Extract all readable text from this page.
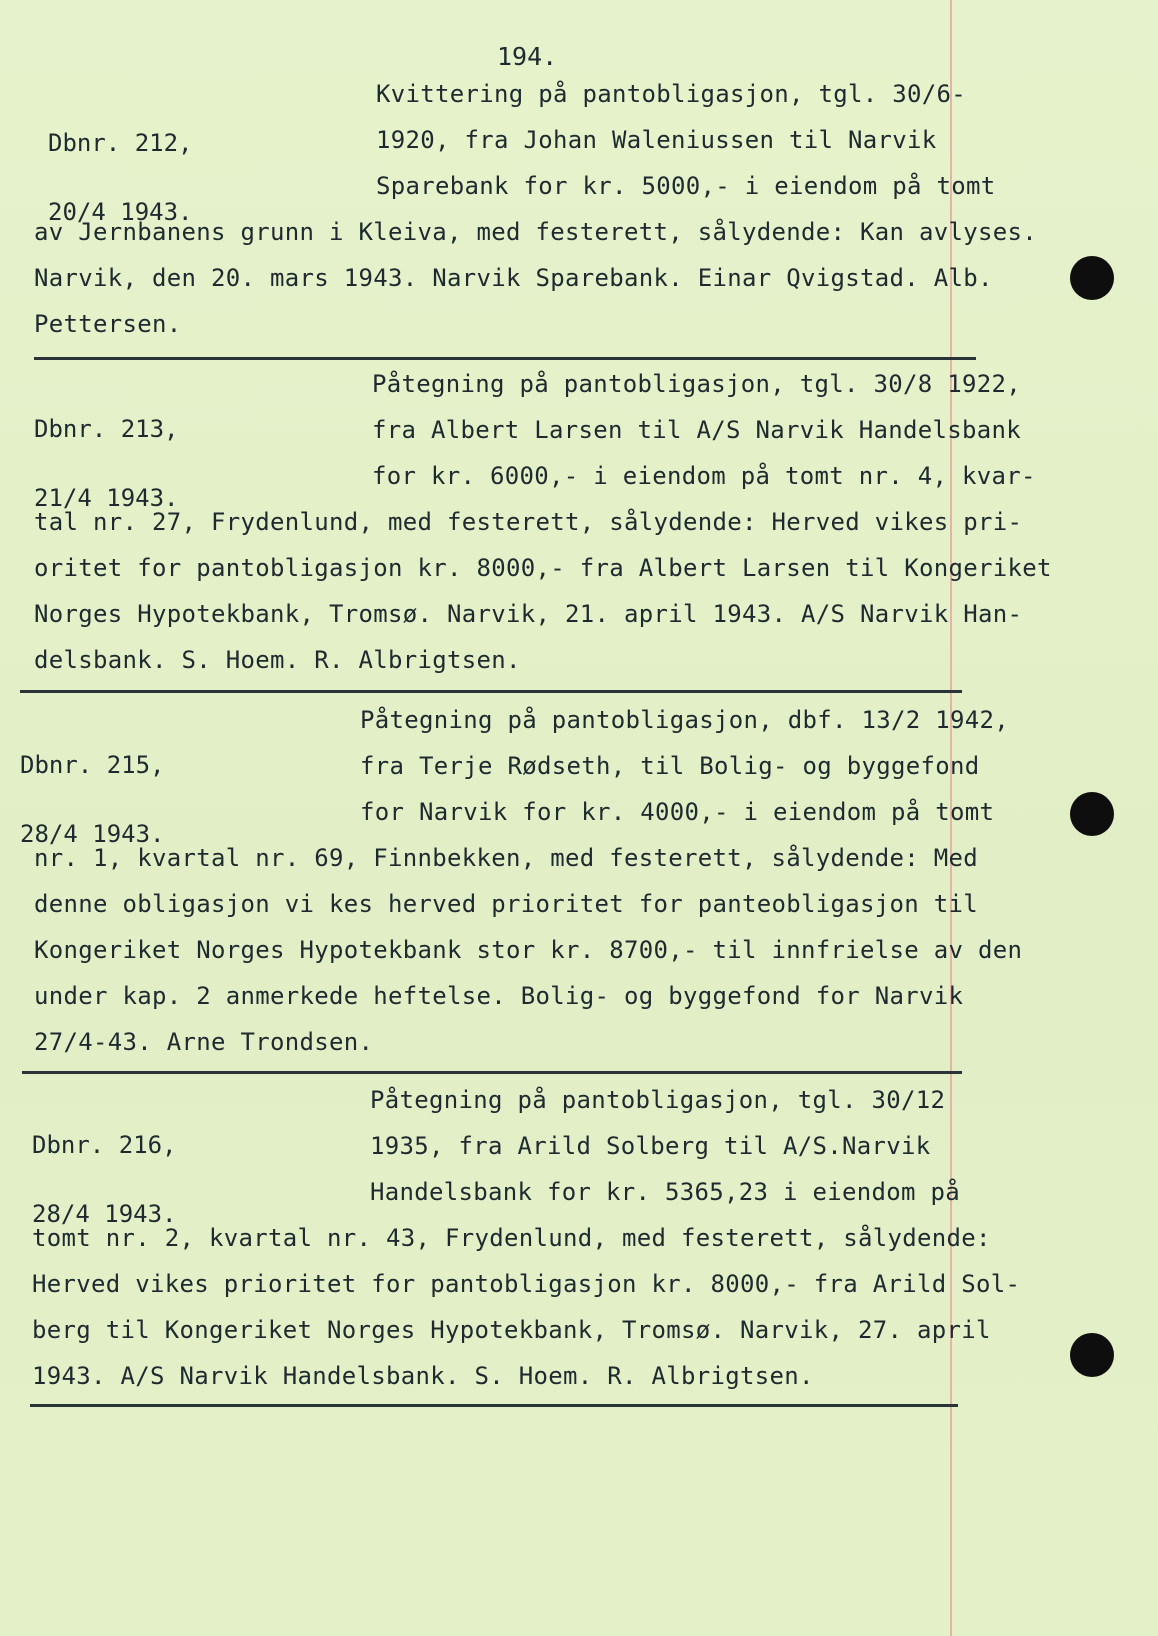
194.

Dbnr. 212,

20/4 1943.

Kvittering på pantobligasjon, tgl. 30/6-
1920, fra Johan Waleniussen til Narvik
Sparebank for kr. 5000,- i eiendom på tomt
av Jernbanens grunn i Kleiva, med festerett, sålydende: Kan avlyses.
Narvik, den 20. mars 1943. Narvik Sparebank. Einar Qvigstad. Alb.
Pettersen.

Dbnr. 213,

21/4 1943.

Påtegning på pantobligasjon, tgl. 30/8 1922,
fra Albert Larsen til A/S Narvik Handelsbank
for kr. 6000,- i eiendom på tomt nr. 4, kvar-
tal nr. 27, Frydenlund, med festerett, sålydende: Herved vikes pri-
oritet for pantobligasjon kr. 8000,- fra Albert Larsen til Kongeriket
Norges Hypotekbank, Tromsø. Narvik, 21. april 1943. A/S Narvik Han-
delsbank. S. Hoem. R. Albrigtsen.

Dbnr. 215,

28/4 1943.

Påtegning på pantobligasjon, dbf. 13/2 1942,
fra Terje Rødseth, til Bolig- og byggefond
for Narvik for kr. 4000,- i eiendom på tomt
nr. 1, kvartal nr. 69, Finnbekken, med festerett, sålydende: Med
denne obligasjon vi kes herved prioritet for panteobligasjon til
Kongeriket Norges Hypotekbank stor kr. 8700,- til innfrielse av den
under kap. 2 anmerkede heftelse. Bolig- og byggefond for Narvik
27/4-43. Arne Trondsen.

Dbnr. 216,

28/4 1943.

Påtegning på pantobligasjon, tgl. 30/12
1935, fra Arild Solberg til A/S.Narvik
Handelsbank for kr. 5365,23 i eiendom på
tomt nr. 2, kvartal nr. 43, Frydenlund, med festerett, sålydende:
Herved vikes prioritet for pantobligasjon kr. 8000,- fra Arild Sol-
berg til Kongeriket Norges Hypotekbank, Tromsø. Narvik, 27. april
1943. A/S Narvik Handelsbank. S. Hoem. R. Albrigtsen.
